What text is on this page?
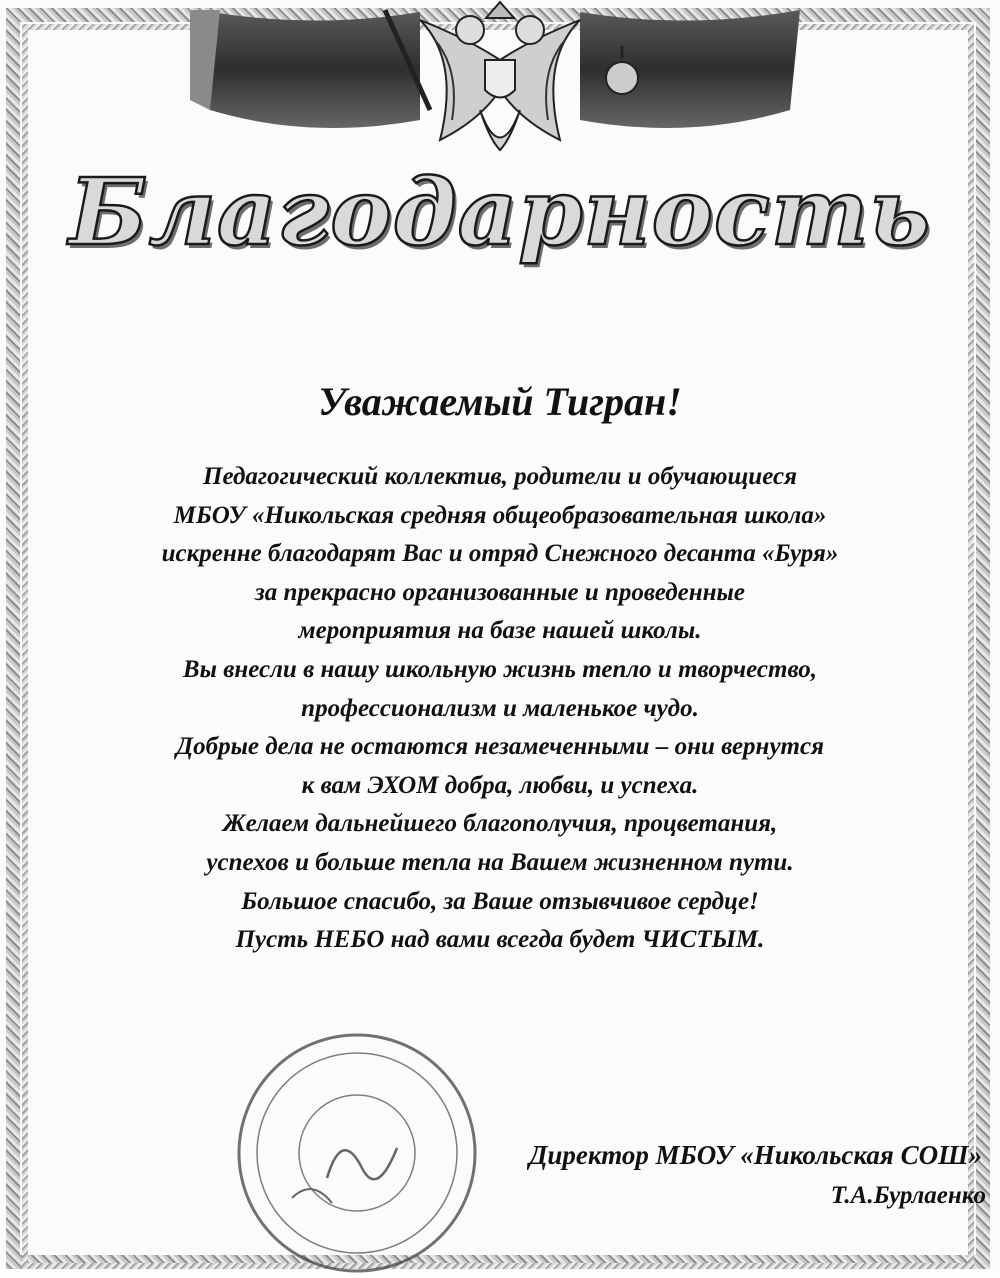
Благодарность
Уважаемый Тигран!
Педагогический коллектив, родители и обучающиеся
МБОУ «Никольская средняя общеобразовательная школа»
искренне благодарят Вас и отряд Снежного десанта «Буря»
за прекрасно организованные и проведенные
мероприятия на базе нашей школы.
Вы внесли в нашу школьную жизнь тепло и творчество,
профессионализм и маленькое чудо.
Добрые дела не остаются незамеченными – они вернутся
к вам ЭХОМ добра, любви, и успеха.
Желаем дальнейшего благополучия, процветания,
успехов и больше тепла на Вашем жизненном пути.
Большое спасибо, за Ваше отзывчивое сердце!
Пусть НЕБО над вами всегда будет ЧИСТЫМ.
Директор МБОУ «Никольская СОШ»
Т.А.Бурлаенко
